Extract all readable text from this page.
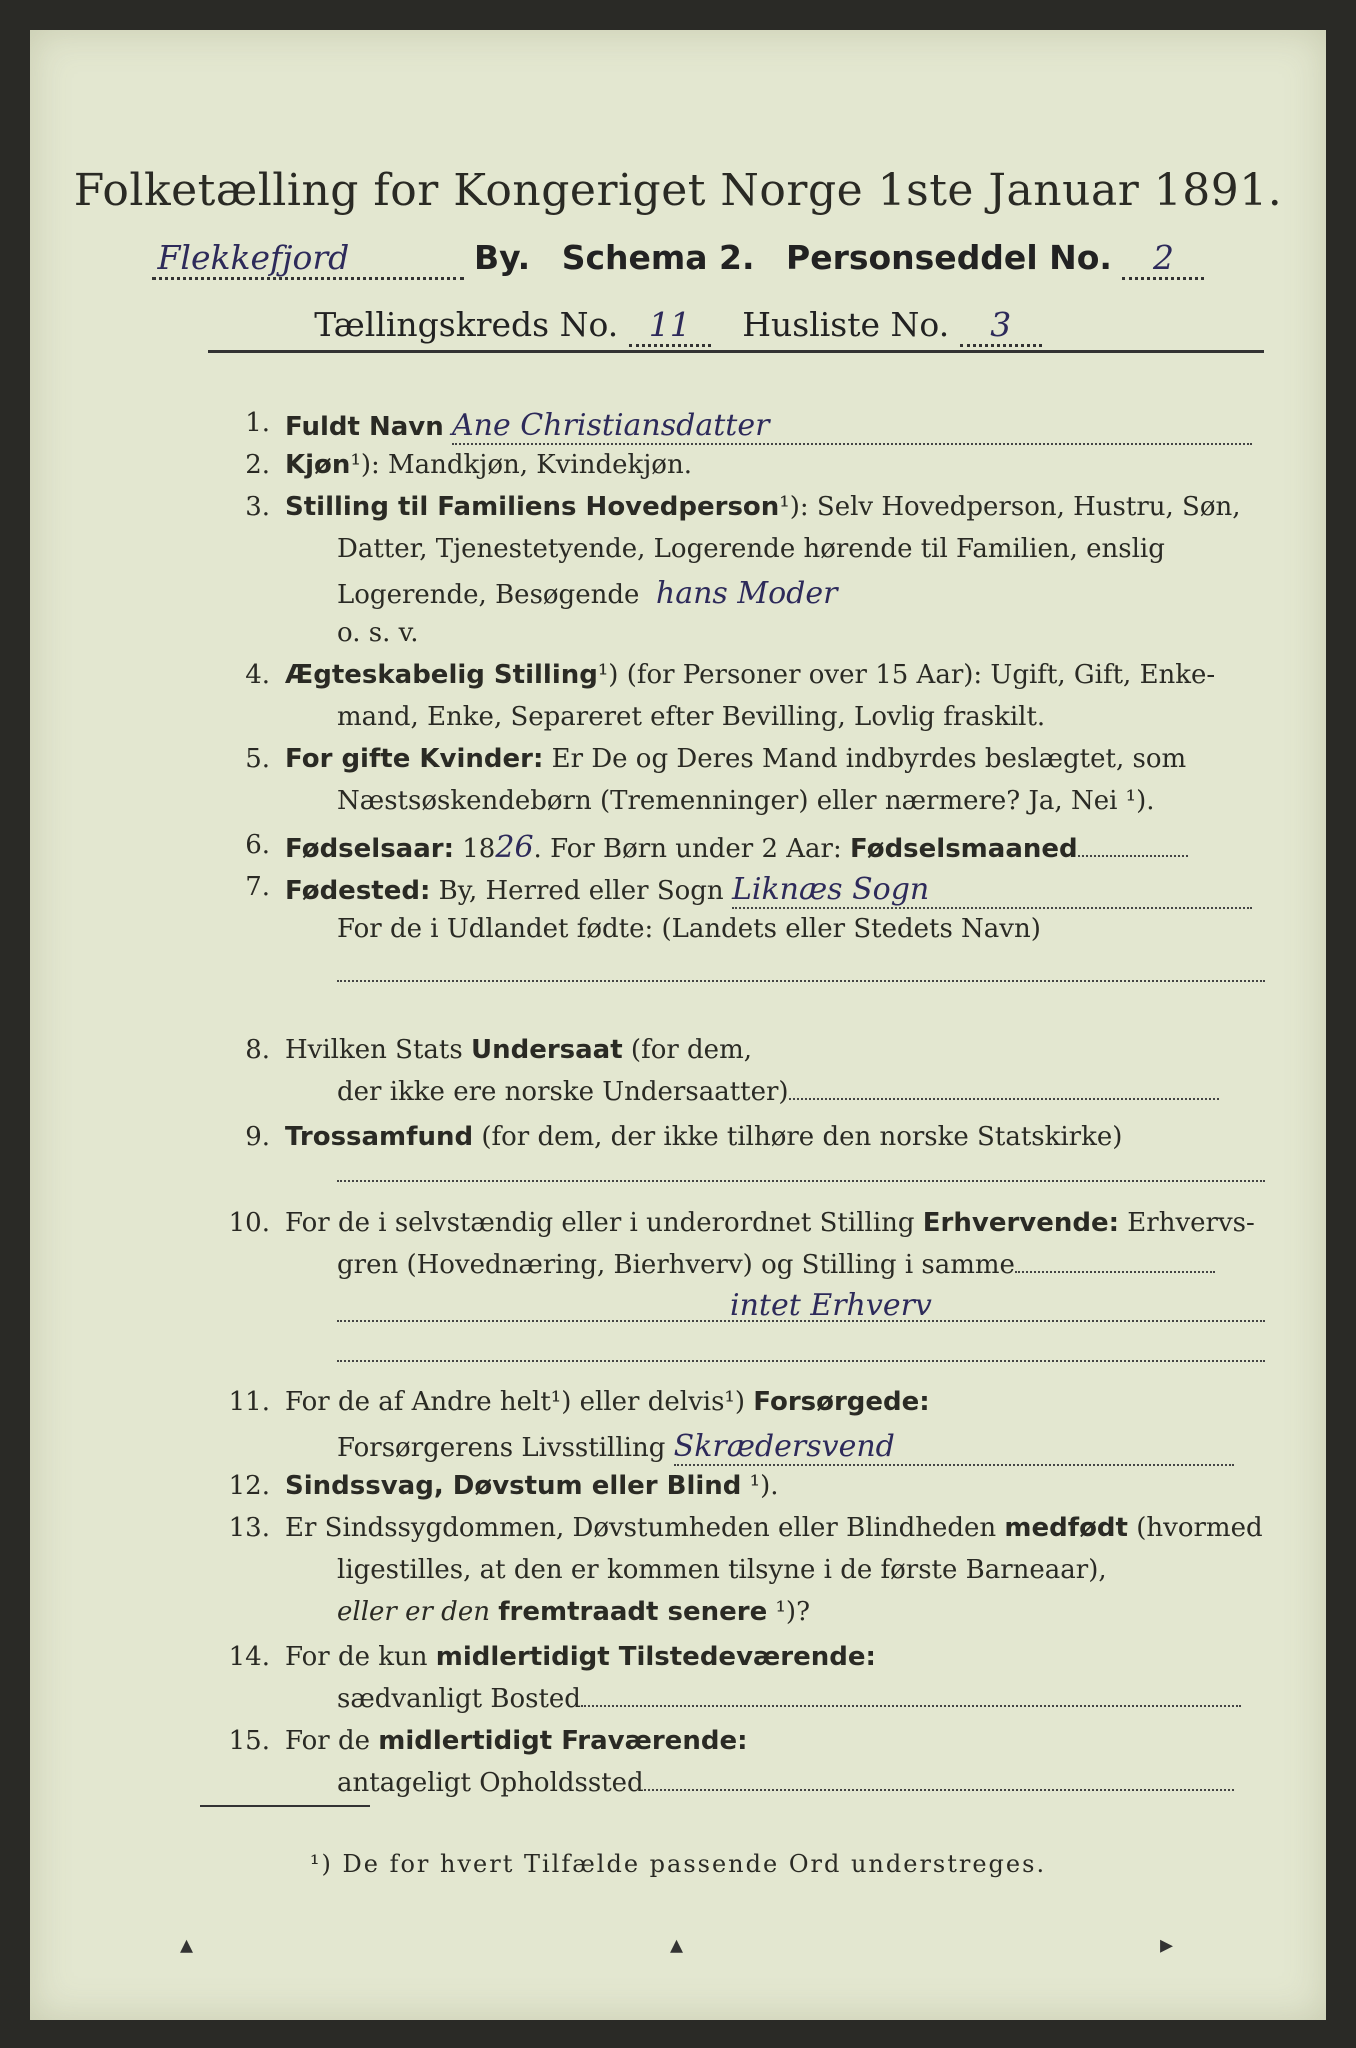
Folketælling for Kongeriget Norge 1ste Januar 1891.
Flekkefjord	By. Schema 2. Personseddel No. 2
Tællingskreds No. 11 Husliste No. 3
1. Fuldt Navn Ane Christiansdatter
2. Kjøn¹): Mandkjøn, Kvindekjøn.
3. Stilling til Familiens Hovedperson¹): Selv Hovedperson, Hustru, Søn,
Datter, Tjenestetyende, Logerende hørende til Familien, enslig
Logerende, Besøgende hans Moder
o. s. v.
4. Ægteskabelig Stilling¹) (for Personer over 15 Aar): Ugift, Gift, Enke-
mand, Enke, Separeret efter Bevilling, Lovlig fraskilt.
5. For gifte Kvinder: Er De og Deres Mand indbyrdes beslægtet, som
Næstsøskendebørn (Tremenninger) eller nærmere? Ja, Nei ¹).
6. Fødselsaar: 1826. For Børn under 2 Aar: Fødselsmaaned
7. Fødested: By, Herred eller Sogn Liknæs Sogn
For de i Udlandet fødte: (Landets eller Stedets Navn)
8. Hvilken Stats Undersaat (for dem,
der ikke ere norske Undersaatter)
9. Trossamfund (for dem, der ikke tilhøre den norske Statskirke)
10. For de i selvstændig eller i underordnet Stilling Erhvervende: Erhvervs-
gren (Hovednæring, Bierhverv) og Stilling i samme
intet Erhverv
11. For de af Andre helt¹) eller delvis¹) Forsørgede:
Forsørgerens Livsstilling Skrædersvend
12. Sindssvag, Døvstum eller Blind ¹).
13. Er Sindssygdommen, Døvstumheden eller Blindheden medfødt (hvormed
ligestilles, at den er kommen tilsyne i de første Barneaar),
eller er den fremtraadt senere ¹)?
14. For de kun midlertidigt Tilstedeværende:
sædvanligt Bosted
15. For de midlertidigt Fraværende:
antageligt Opholdssted
¹) De for hvert Tilfælde passende Ord understreges.
▴	▴	▸
